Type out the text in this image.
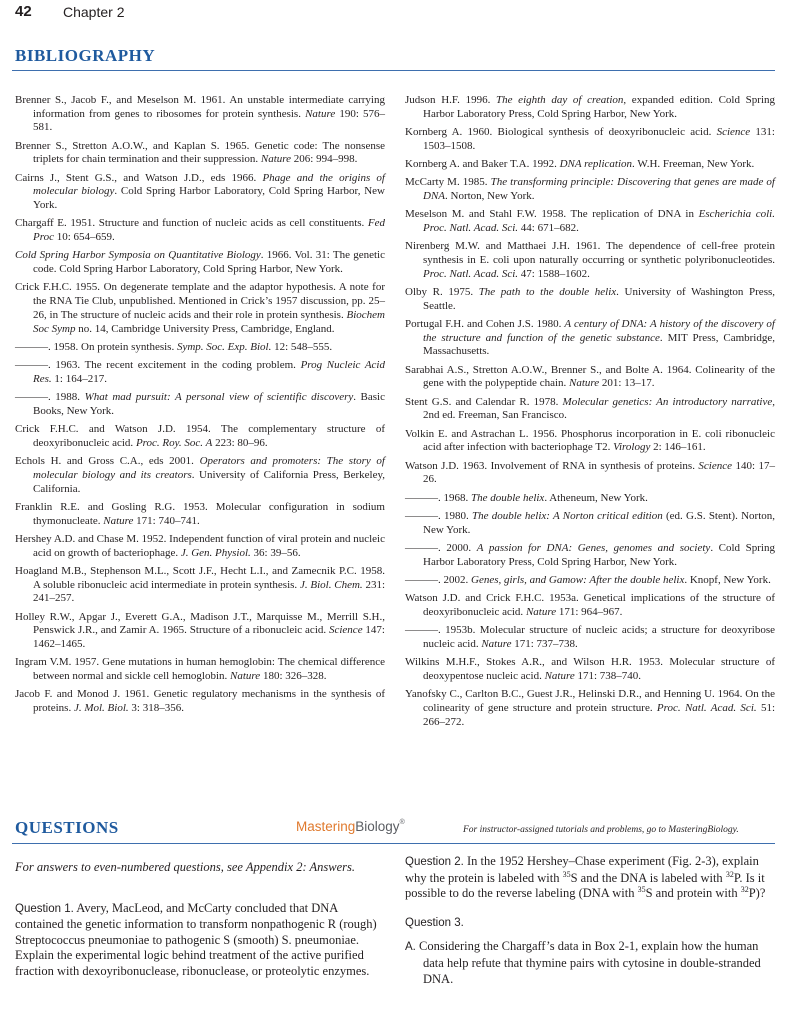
42 Chapter 2
BIBLIOGRAPHY

Brenner S., Jacob F., and Meselson M. 1961. An unstable intermediate carrying information from genes to ribosomes for protein synthesis. Nature 190: 576–581.

Brenner S., Stretton A.O.W., and Kaplan S. 1965. Genetic code: The nonsense triplets for chain termination and their suppression. Nature 206: 994–998.

Cairns J., Stent G.S., and Watson J.D., eds 1966. Phage and the origins of molecular biology. Cold Spring Harbor Laboratory, Cold Spring Harbor, New York.

Chargaff E. 1951. Structure and function of nucleic acids as cell constituents. Fed Proc 10: 654–659.

Cold Spring Harbor Symposia on Quantitative Biology. 1966. Vol. 31: The genetic code. Cold Spring Harbor Laboratory, Cold Spring Harbor, New York.

Crick F.H.C. 1955. On degenerate template and the adaptor hypothesis. A note for the RNA Tie Club, unpublished. Mentioned in Crick’s 1957 discussion, pp. 25–26, in The structure of nucleic acids and their role in protein synthesis. Biochem Soc Symp no. 14, Cambridge University Press, Cambridge, England.

———. 1958. On protein synthesis. Symp. Soc. Exp. Biol. 12: 548–555.

———. 1963. The recent excitement in the coding problem. Prog Nucleic Acid Res. 1: 164–217.

———. 1988. What mad pursuit: A personal view of scientific discovery. Basic Books, New York.

Crick F.H.C. and Watson J.D. 1954. The complementary structure of deoxyribonucleic acid. Proc. Roy. Soc. A 223: 80–96.

Echols H. and Gross C.A., eds 2001. Operators and promoters: The story of molecular biology and its creators. University of California Press, Berkeley, California.

Franklin R.E. and Gosling R.G. 1953. Molecular configuration in sodium thymonucleate. Nature 171: 740–741.

Hershey A.D. and Chase M. 1952. Independent function of viral protein and nucleic acid on growth of bacteriophage. J. Gen. Physiol. 36: 39–56.

Hoagland M.B., Stephenson M.L., Scott J.F., Hecht L.I., and Zamecnik P.C. 1958. A soluble ribonucleic acid intermediate in protein synthesis. J. Biol. Chem. 231: 241–257.

Holley R.W., Apgar J., Everett G.A., Madison J.T., Marquisse M., Merrill S.H., Penswick J.R., and Zamir A. 1965. Structure of a ribonucleic acid. Science 147: 1462–1465.

Ingram V.M. 1957. Gene mutations in human hemoglobin: The chemical difference between normal and sickle cell hemoglobin. Nature 180: 326–328.

Jacob F. and Monod J. 1961. Genetic regulatory mechanisms in the synthesis of proteins. J. Mol. Biol. 3: 318–356.

Judson H.F. 1996. The eighth day of creation, expanded edition. Cold Spring Harbor Laboratory Press, Cold Spring Harbor, New York.

Kornberg A. 1960. Biological synthesis of deoxyribonucleic acid. Science 131: 1503–1508.

Kornberg A. and Baker T.A. 1992. DNA replication. W.H. Freeman, New York.

McCarty M. 1985. The transforming principle: Discovering that genes are made of DNA. Norton, New York.

Meselson M. and Stahl F.W. 1958. The replication of DNA in Escherichia coli. Proc. Natl. Acad. Sci. 44: 671–682.

Nirenberg M.W. and Matthaei J.H. 1961. The dependence of cell-free protein synthesis in E. coli upon naturally occurring or synthetic polyribonucleotides. Proc. Natl. Acad. Sci. 47: 1588–1602.

Olby R. 1975. The path to the double helix. University of Washington Press, Seattle.

Portugal F.H. and Cohen J.S. 1980. A century of DNA: A history of the discovery of the structure and function of the genetic substance. MIT Press, Cambridge, Massachusetts.

Sarabhai A.S., Stretton A.O.W., Brenner S., and Bolte A. 1964. Colinearity of the gene with the polypeptide chain. Nature 201: 13–17.

Stent G.S. and Calendar R. 1978. Molecular genetics: An introductory narrative, 2nd ed. Freeman, San Francisco.

Volkin E. and Astrachan L. 1956. Phosphorus incorporation in E. coli ribonucleic acid after infection with bacteriophage T2. Virology 2: 146–161.

Watson J.D. 1963. Involvement of RNA in synthesis of proteins. Science 140: 17–26.

———. 1968. The double helix. Atheneum, New York.

———. 1980. The double helix: A Norton critical edition (ed. G.S. Stent). Norton, New York.

———. 2000. A passion for DNA: Genes, genomes and society. Cold Spring Harbor Laboratory Press, Cold Spring Harbor, New York.

———. 2002. Genes, girls, and Gamow: After the double helix. Knopf, New York.

Watson J.D. and Crick F.H.C. 1953a. Genetical implications of the structure of deoxyribonucleic acid. Nature 171: 964–967.

———. 1953b. Molecular structure of nucleic acids; a structure for deoxyribose nucleic acid. Nature 171: 737–738.

Wilkins M.H.F., Stokes A.R., and Wilson H.R. 1953. Molecular structure of deoxypentose nucleic acid. Nature 171: 738–740.

Yanofsky C., Carlton B.C., Guest J.R., Helinski D.R., and Henning U. 1964. On the colinearity of gene structure and protein structure. Proc. Natl. Acad. Sci. 51: 266–272.

QUESTIONS	MasteringBiology®
For instructor-assigned tutorials and problems, go to MasteringBiology.
For answers to even-numbered questions, see Appendix 2: Answers.
Question 1. Avery, MacLeod, and McCarty concluded that DNA contained the genetic information to transform nonpathogenic R (rough) Streptococcus pneumoniae to pathogenic S (smooth) S. pneumoniae. Explain the experimental logic behind treatment of the active purified fraction with dexoyribonuclease, ribonuclease, or proteolytic enzymes.
Question 2. In the 1952 Hershey–Chase experiment (Fig. 2-3), explain why the protein is labeled with $^{35}$S and the DNA is labeled with $^{32}$P. Is it possible to do the reverse labeling (DNA with $^{35}$S and protein with $^{32}$P)?
Question 3.
A. Considering the Chargaff’s data in Box 2-1, explain how the human data help refute that thymine pairs with cytosine in double-stranded DNA.
